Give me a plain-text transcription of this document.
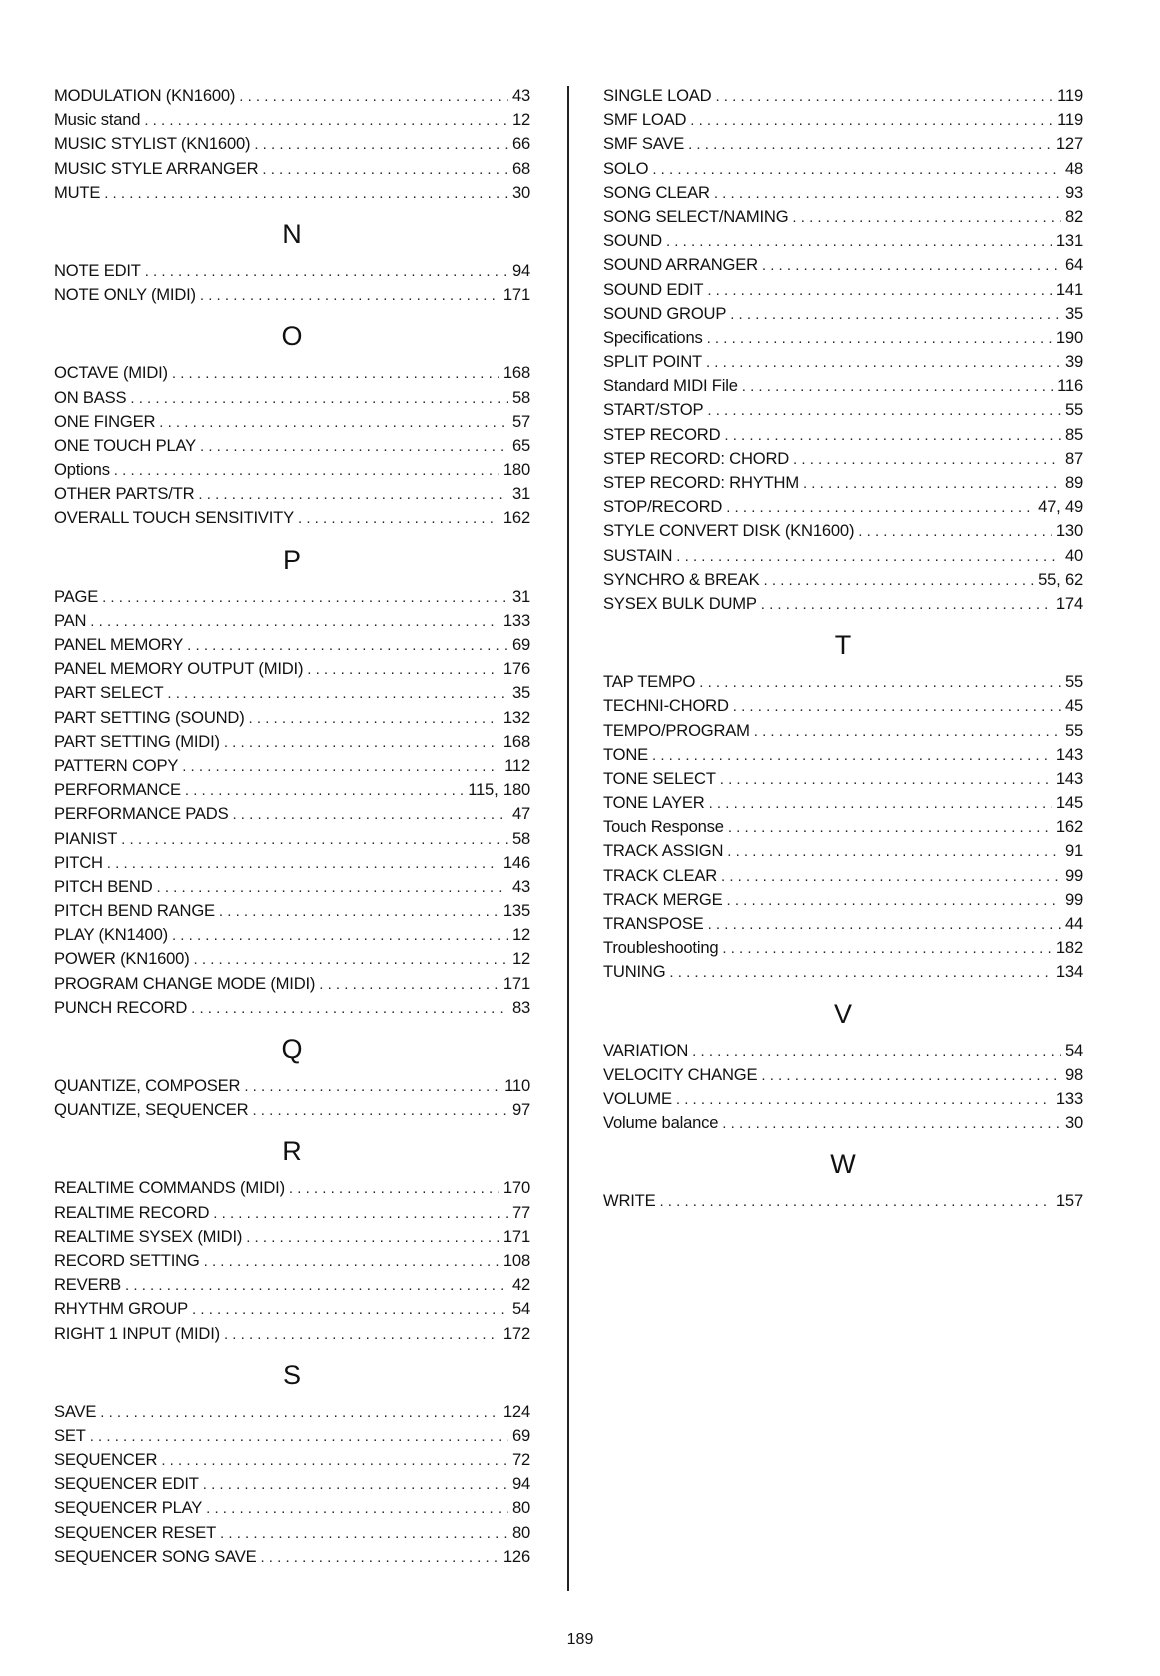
MODULATION (KN1600) . . .	43
Music stand . . .	12
MUSIC STYLIST (KN1600) . . .	66
MUSIC STYLE ARRANGER . . .	68
MUTE . . .	30
N
NOTE EDIT . . .	94
NOTE ONLY (MIDI) . . .	171
O
OCTAVE (MIDI) . . .	168
ON BASS . . .	58
ONE FINGER . . .	57
ONE TOUCH PLAY . . .	65
Options . . .	180
OTHER PARTS/TR . . .	31
OVERALL TOUCH SENSITIVITY . . .	162
P
PAGE . . .	31
PAN . . .	133
PANEL MEMORY . . .	69
PANEL MEMORY OUTPUT (MIDI) . . .	176
PART SELECT . . .	35
PART SETTING (SOUND) . . .	132
PART SETTING (MIDI) . . .	168
PATTERN COPY . . .	112
PERFORMANCE . . .	115, 180
PERFORMANCE PADS . . .	47
PIANIST . . .	58
PITCH . . .	146
PITCH BEND . . .	43
PITCH BEND RANGE . . .	135
PLAY (KN1400) . . .	12
POWER (KN1600) . . .	12
PROGRAM CHANGE MODE (MIDI) . . .	171
PUNCH RECORD . . .	83
Q
QUANTIZE, COMPOSER . . .	110
QUANTIZE, SEQUENCER . . .	97
R
REALTIME COMMANDS (MIDI) . . .	170
REALTIME RECORD . . .	77
REALTIME SYSEX (MIDI) . . .	171
RECORD SETTING . . .	108
REVERB . . .	42
RHYTHM GROUP . . .	54
RIGHT 1 INPUT (MIDI) . . .	172
S
SAVE . . .	124
SET . . .	69
SEQUENCER . . .	72
SEQUENCER EDIT . . .	94
SEQUENCER PLAY . . .	80
SEQUENCER RESET . . .	80
SEQUENCER SONG SAVE . . .	126
SINGLE LOAD . . .	119
SMF LOAD . . .	119
SMF SAVE . . .	127
SOLO . . .	48
SONG CLEAR . . .	93
SONG SELECT/NAMING . . .	82
SOUND . . .	131
SOUND ARRANGER . . .	64
SOUND EDIT . . .	141
SOUND GROUP . . .	35
Specifications . . .	190
SPLIT POINT . . .	39
Standard MIDI File . . .	116
START/STOP . . .	55
STEP RECORD . . .	85
STEP RECORD: CHORD . . .	87
STEP RECORD: RHYTHM . . .	89
STOP/RECORD . . .	47, 49
STYLE CONVERT DISK (KN1600) . . .	130
SUSTAIN . . .	40
SYNCHRO & BREAK . . .	55, 62
SYSEX BULK DUMP . . .	174
T
TAP TEMPO . . .	55
TECHNI-CHORD . . .	45
TEMPO/PROGRAM . . .	55
TONE . . .	143
TONE SELECT . . .	143
TONE LAYER . . .	145
Touch Response . . .	162
TRACK ASSIGN . . .	91
TRACK CLEAR . . .	99
TRACK MERGE . . .	99
TRANSPOSE . . .	44
Troubleshooting . . .	182
TUNING . . .	134
V
VARIATION . . .	54
VELOCITY CHANGE . . .	98
VOLUME . . .	133
Volume balance . . .	30
W
WRITE . . .	157
189
